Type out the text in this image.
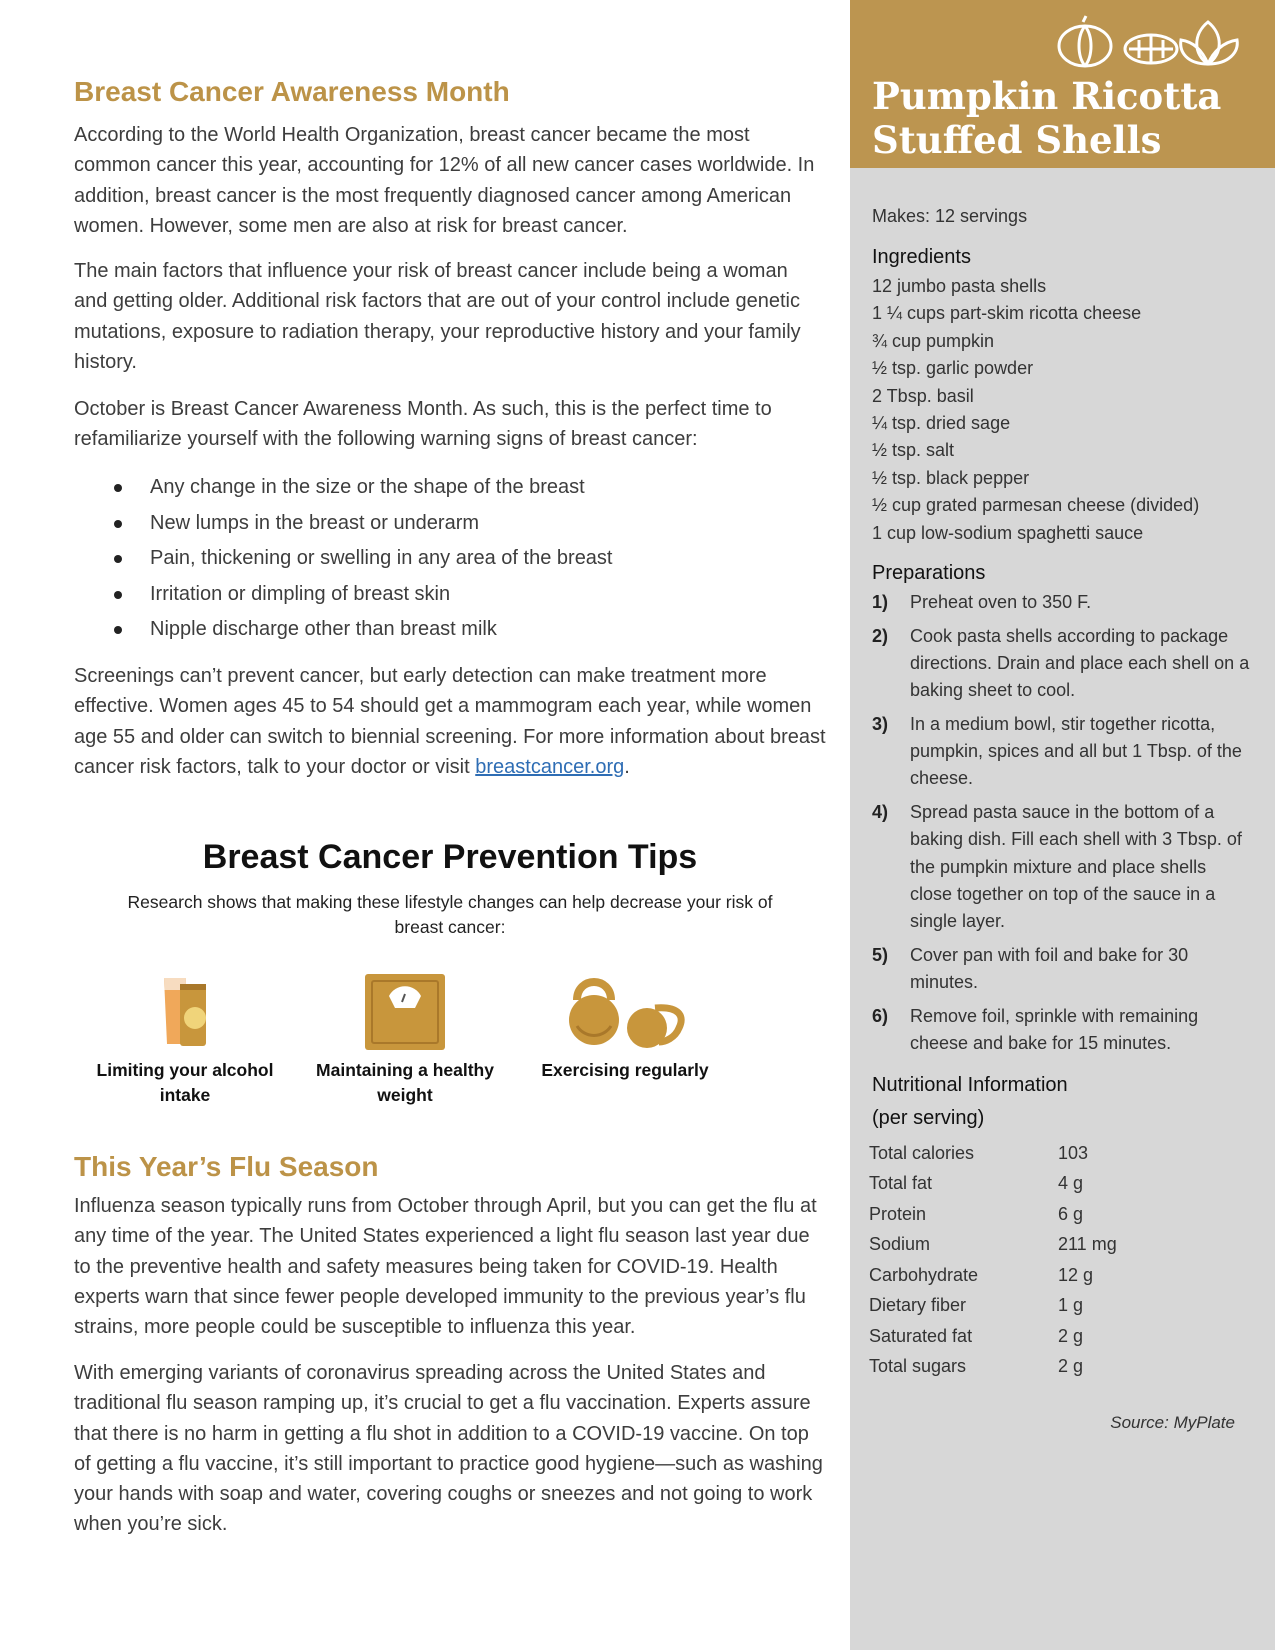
Breast Cancer Awareness Month

According to the World Health Organization, breast cancer became the most common cancer this year, accounting for 12% of all new cancer cases worldwide. In addition, breast cancer is the most frequently diagnosed cancer among American women. However, some men are also at risk for breast cancer.

The main factors that influence your risk of breast cancer include being a woman and getting older. Additional risk factors that are out of your control include genetic mutations, exposure to radiation therapy, your reproductive history and your family history.

October is Breast Cancer Awareness Month. As such, this is the perfect time to refamiliarize yourself with the following warning signs of breast cancer:

Any change in the size or the shape of the breast
New lumps in the breast or underarm
Pain, thickening or swelling in any area of the breast
Irritation or dimpling of breast skin
Nipple discharge other than breast milk

Screenings can’t prevent cancer, but early detection can make treatment more effective. Women ages 45 to 54 should get a mammogram each year, while women age 55 and older can switch to biennial screening. For more information about breast cancer risk factors, talk to your doctor or visit breastcancer.org.

Breast Cancer Prevention Tips

Research shows that making these lifestyle changes can help decrease your risk of breast cancer:

Limiting your alcohol intake
Maintaining a healthy weight
Exercising regularly
This Year’s Flu Season

Influenza season typically runs from October through April, but you can get the flu at any time of the year. The United States experienced a light flu season last year due to the preventive health and safety measures being taken for COVID-19. Health experts warn that since fewer people developed immunity to the previous year’s flu strains, more people could be susceptible to influenza this year.

With emerging variants of coronavirus spreading across the United States and traditional flu season ramping up, it’s crucial to get a flu vaccination. Experts assure that there is no harm in getting a flu shot in addition to a COVID-19 vaccine. On top of getting a flu vaccine, it’s still important to practice good hygiene—such as washing your hands with soap and water, covering coughs or sneezes and not going to work when you’re sick.

Pumpkin Ricotta
Stuffed Shells
Makes: 12 servings
Ingredients
12 jumbo pasta shells
1 ¼ cups part-skim ricotta cheese
¾ cup pumpkin
½ tsp. garlic powder
2 Tbsp. basil
¼ tsp. dried sage
½ tsp. salt
½ tsp. black pepper
½ cup grated parmesan cheese (divided)
1 cup low-sodium spaghetti sauce
Preparations
1) Preheat oven to 350 F.
2) Cook pasta shells according to package directions. Drain and place each shell on a baking sheet to cool.
3) In a medium bowl, stir together ricotta, pumpkin, spices and all but 1 Tbsp. of the cheese.
4) Spread pasta sauce in the bottom of a baking dish. Fill each shell with 3 Tbsp. of the pumpkin mixture and place shells close together on top of the sauce in a single layer.
5) Cover pan with foil and bake for 30 minutes.
6) Remove foil, sprinkle with remaining cheese and bake for 15 minutes.
Nutritional Information
(per serving)
Total calories	103
Total fat	4 g
Protein	6 g
Sodium	211 mg
Carbohydrate	12 g
Dietary fiber	1 g
Saturated fat	2 g
Total sugars	2 g
Source: MyPlate
